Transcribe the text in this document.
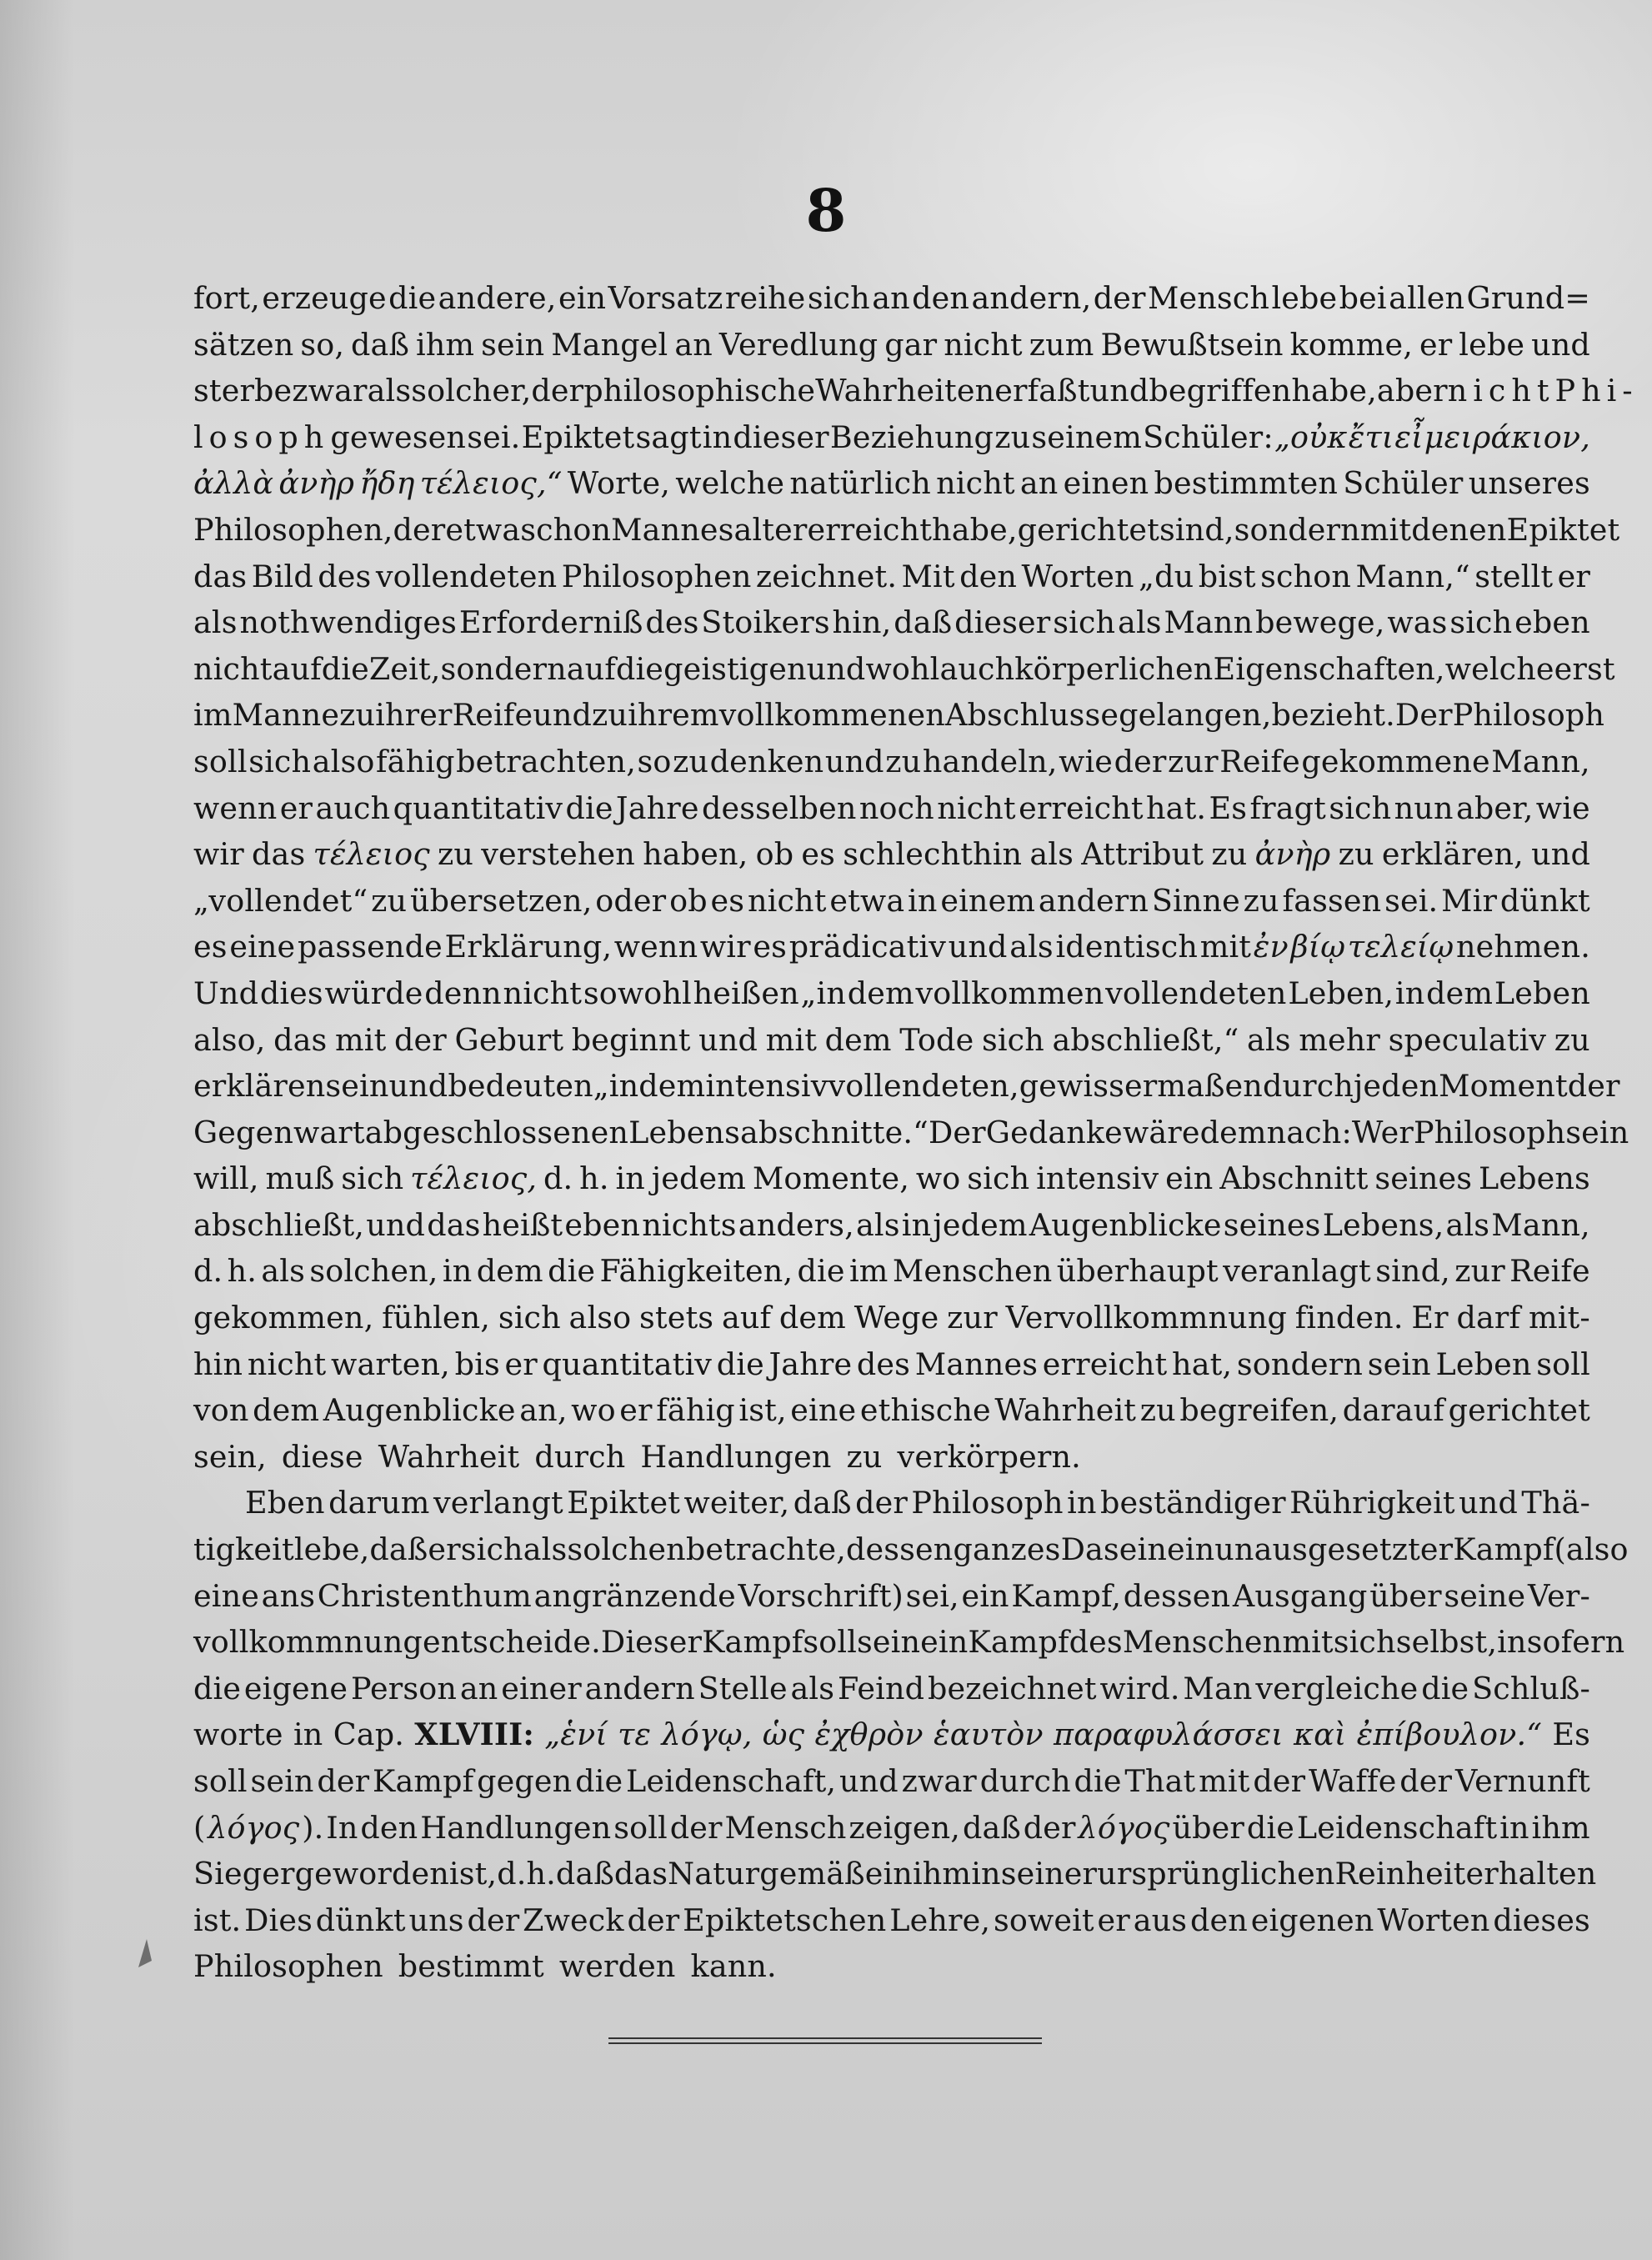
8
fort, erzeuge die andere, ein Vorsatz reihe sich an den andern, der Mensch lebe bei allen Grund=
sätzen so, daß ihm sein Mangel an Veredlung gar nicht zum Bewußtsein komme, er lebe und
sterbe zwar als solcher, der philosophische Wahrheiten erfaßt und begriffen habe, aber nicht Phi-
losoph gewesen sei. Epiktet sagt in dieser Beziehung zu seinem Schüler: „οὐκ ἔτι εἶ μειράκιον,
ἀλλὰ ἀνὴρ ἤδη τέλειος,“ Worte, welche natürlich nicht an einen bestimmten Schüler unseres
Philosophen, der etwa schon Mannesalter erreicht habe, gerichtet sind, sondern mit denen Epiktet
das Bild des vollendeten Philosophen zeichnet. Mit den Worten „du bist schon Mann,“ stellt er
als nothwendiges Erforderniß des Stoikers hin, daß dieser sich als Mann bewege, was sich eben
nicht auf die Zeit, sondern auf die geistigen und wohl auch körperlichen Eigenschaften, welche erst
im Manne zu ihrer Reife und zu ihrem vollkommenen Abschlusse gelangen, bezieht. Der Philosoph
soll sich also fähig betrachten, so zu denken und zu handeln, wie der zur Reife gekommene Mann,
wenn er auch quantitativ die Jahre desselben noch nicht erreicht hat. Es fragt sich nun aber, wie
wir das τέλειος zu verstehen haben, ob es schlechthin als Attribut zu ἀνὴρ zu erklären, und
„vollendet“ zu übersetzen, oder ob es nicht etwa in einem andern Sinne zu fassen sei. Mir dünkt
es eine passende Erklärung, wenn wir es prädicativ und als identisch mit ἐν βίῳ τελείῳ nehmen.
Und dies würde denn nicht sowohl heißen „in dem vollkommen vollendeten Leben, in dem Leben
also, das mit der Geburt beginnt und mit dem Tode sich abschließt,“ als mehr speculativ zu
erklären sein und bedeuten „in dem intensiv vollendeten, gewissermaßen durch jeden Moment der
Gegenwart abgeschlossenen Lebensabschnitte.“ Der Gedanke wäre demnach: Wer Philosoph sein
will, muß sich τέλειος, d. h. in jedem Momente, wo sich intensiv ein Abschnitt seines Lebens
abschließt, und das heißt eben nichts anders, als in jedem Augenblicke seines Lebens, als Mann,
d. h. als solchen, in dem die Fähigkeiten, die im Menschen überhaupt veranlagt sind, zur Reife
gekommen, fühlen, sich also stets auf dem Wege zur Vervollkommnung finden. Er darf mit-
hin nicht warten, bis er quantitativ die Jahre des Mannes erreicht hat, sondern sein Leben soll
von dem Augenblicke an, wo er fähig ist, eine ethische Wahrheit zu begreifen, darauf gerichtet
sein, diese Wahrheit durch Handlungen zu verkörpern.
Eben darum verlangt Epiktet weiter, daß der Philosoph in beständiger Rührigkeit und Thä-
tigkeit lebe, daß er sich als solchen betrachte, dessen ganzes Dasein ein unausgesetzter Kampf (also
eine ans Christenthum angränzende Vorschrift) sei, ein Kampf, dessen Ausgang über seine Ver-
vollkommnung entscheide. Dieser Kampf soll sein ein Kampf des Menschen mit sich selbst, insofern
die eigene Person an einer andern Stelle als Feind bezeichnet wird. Man vergleiche die Schluß-
worte in Cap. XLVIII: „ἑνί τε λόγῳ, ὡς ἐχθρὸν ἑαυτὸν παραφυλάσσει καὶ ἐπίβουλον.“ Es
soll sein der Kampf gegen die Leidenschaft, und zwar durch die That mit der Waffe der Vernunft
( λόγος ). In den Handlungen soll der Mensch zeigen, daß der λόγος über die Leidenschaft in ihm
Sieger geworden ist, d. h. daß das Naturgemäße in ihm in seiner ursprünglichen Reinheit erhalten
ist. Dies dünkt uns der Zweck der Epiktetschen Lehre, soweit er aus den eigenen Worten dieses
Philosophen bestimmt werden kann.
